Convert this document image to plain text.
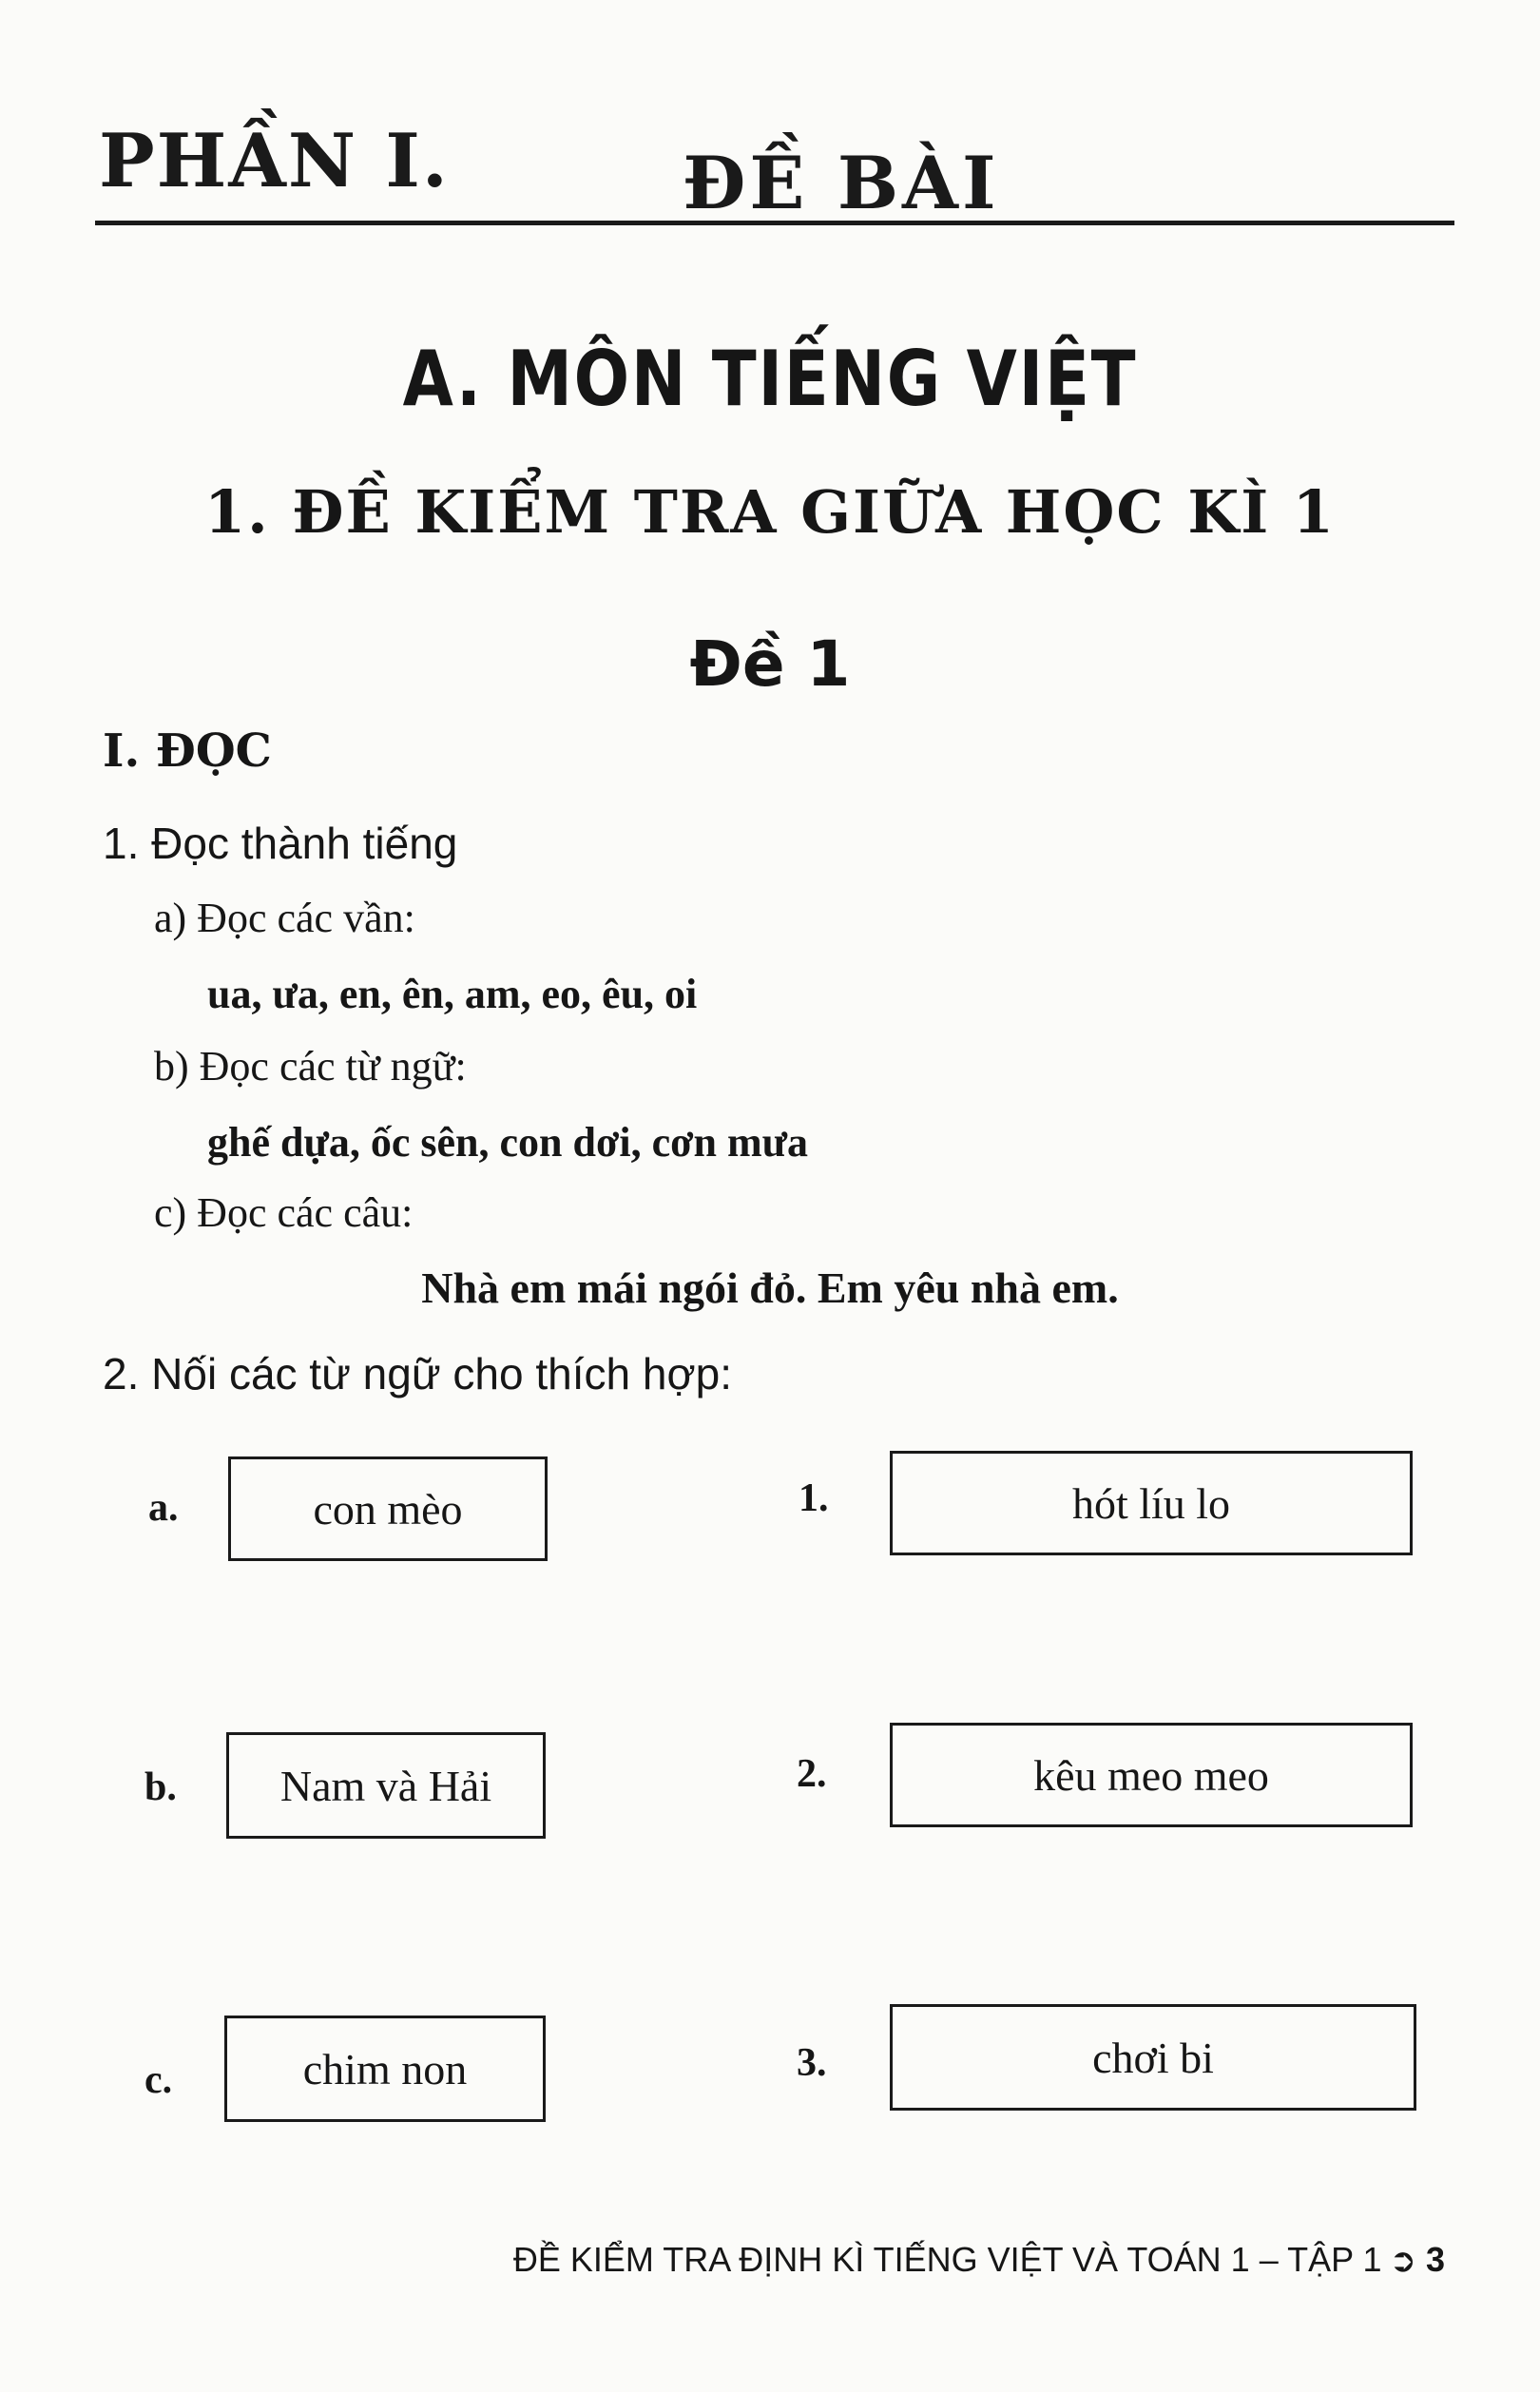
PHẦN I.	ĐỀ BÀI
A. MÔN TIẾNG VIỆT
1. ĐỀ KIỂM TRA GIỮA HỌC KÌ 1
Đề 1
I. ĐỌC
1. Đọc thành tiếng
a) Đọc các vần:
ua, ưa, en, ên, am, eo, êu, oi
b) Đọc các từ ngữ:
ghế dựa, ốc sên, con dơi, cơn mưa
c) Đọc các câu:
Nhà em mái ngói đỏ. Em yêu nhà em.
2. Nối các từ ngữ cho thích hợp:
a.	con mèo
b.	Nam và Hải
c.	chim non
1.	hót líu lo
2.	kêu meo meo
3.	chơi bi
ĐỀ KIỂM TRA ĐỊNH KÌ TIẾNG VIỆT VÀ TOÁN 1 – TẬP 1 ➲ 3
